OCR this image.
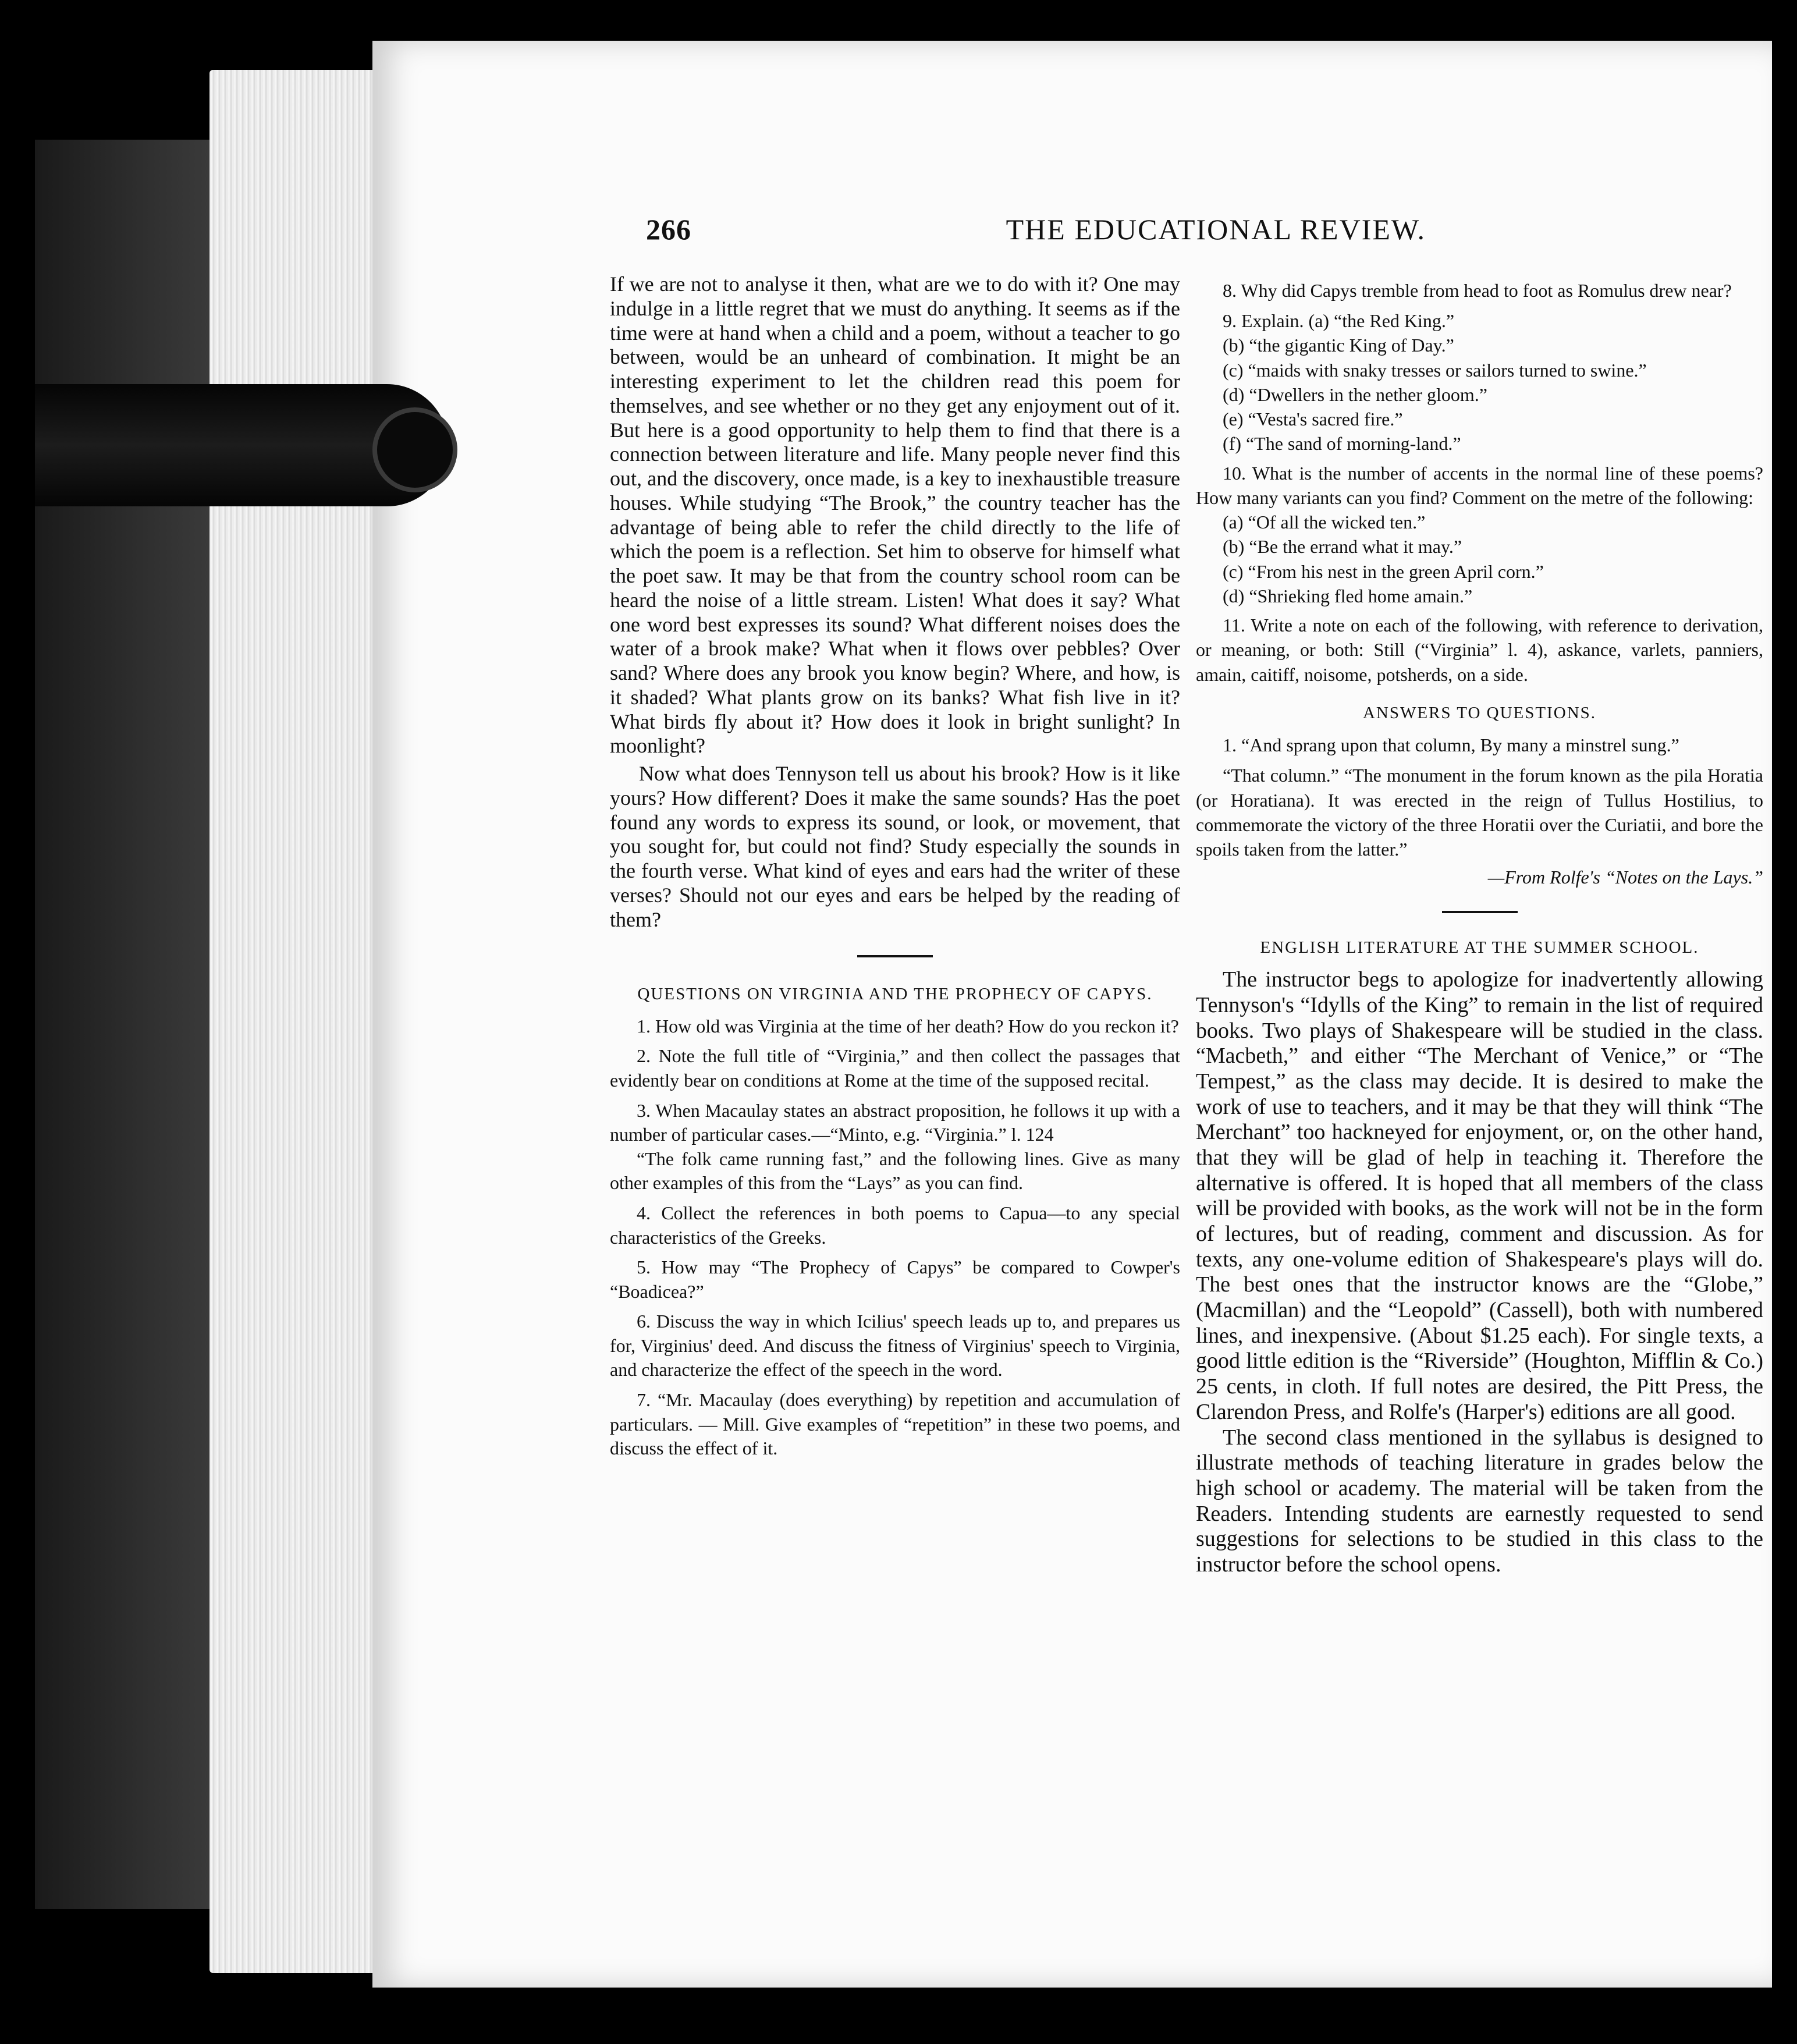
266	THE EDUCATIONAL REVIEW.

If we are not to analyse it then, what are we to do with it? One may indulge in a little regret that we must do anything. It seems as if the time were at hand when a child and a poem, without a teacher to go between, would be an unheard of combination. It might be an interesting experiment to let the children read this poem for themselves, and see whether or no they get any enjoyment out of it. But here is a good opportunity to help them to find that there is a connection between literature and life. Many people never find this out, and the discovery, once made, is a key to inexhaustible treasure houses. While studying “The Brook,” the country teacher has the advantage of being able to refer the child directly to the life of which the poem is a reflection. Set him to observe for himself what the poet saw. It may be that from the country school room can be heard the noise of a little stream. Listen! What does it say? What one word best expresses its sound? What different noises does the water of a brook make? What when it flows over pebbles? Over sand? Where does any brook you know begin? Where, and how, is it shaded? What plants grow on its banks? What fish live in it? What birds fly about it? How does it look in bright sunlight? In moonlight?

Now what does Tennyson tell us about his brook? How is it like yours? How different? Does it make the same sounds? Has the poet found any words to express its sound, or look, or movement, that you sought for, but could not find? Study especially the sounds in the fourth verse. What kind of eyes and ears had the writer of these verses? Should not our eyes and ears be helped by the reading of them?

QUESTIONS ON VIRGINIA AND THE PROPHECY OF CAPYS.

1. How old was Virginia at the time of her death? How do you reckon it?

2. Note the full title of “Virginia,” and then collect the passages that evidently bear on conditions at Rome at the time of the supposed recital.

3. When Macaulay states an abstract proposition, he follows it up with a number of particular cases.—“Minto, e.g. “Virginia.” l. 124

“The folk came running fast,” and the following lines. Give as many other examples of this from the “Lays” as you can find.

4. Collect the references in both poems to Capua—to any special characteristics of the Greeks.

5. How may “The Prophecy of Capys” be compared to Cowper's “Boadicea?”

6. Discuss the way in which Icilius' speech leads up to, and prepares us for, Virginius' deed. And discuss the fitness of Virginius' speech to Virginia, and characterize the effect of the speech in the word.

7. “Mr. Macaulay (does everything) by repetition and accumulation of particulars. — Mill. Give examples of “repetition” in these two poems, and discuss the effect of it.

8. Why did Capys tremble from head to foot as Romulus drew near?

9. Explain. (a) “the Red King.”

(b) “the gigantic King of Day.”

(c) “maids with snaky tresses or sailors turned to swine.”

(d) “Dwellers in the nether gloom.”

(e) “Vesta's sacred fire.”

(f) “The sand of morning-land.”

10. What is the number of accents in the normal line of these poems? How many variants can you find? Comment on the metre of the following:

(a) “Of all the wicked ten.”

(b) “Be the errand what it may.”

(c) “From his nest in the green April corn.”

(d) “Shrieking fled home amain.”

11. Write a note on each of the following, with reference to derivation, or meaning, or both: Still (“Virginia” l. 4), askance, varlets, panniers, amain, caitiff, noisome, potsherds, on a side.

ANSWERS TO QUESTIONS.

1. “And sprang upon that column, By many a minstrel sung.”

“That column.” “The monument in the forum known as the pila Horatia (or Horatiana). It was erected in the reign of Tullus Hostilius, to commemorate the victory of the three Horatii over the Curiatii, and bore the spoils taken from the latter.”

—From Rolfe's “Notes on the Lays.”

ENGLISH LITERATURE AT THE SUMMER SCHOOL.

The instructor begs to apologize for inadvertently allowing Tennyson's “Idylls of the King” to remain in the list of required books. Two plays of Shakespeare will be studied in the class. “Macbeth,” and either “The Merchant of Venice,” or “The Tempest,” as the class may decide. It is desired to make the work of use to teachers, and it may be that they will think “The Merchant” too hackneyed for enjoyment, or, on the other hand, that they will be glad of help in teaching it. Therefore the alternative is offered. It is hoped that all members of the class will be provided with books, as the work will not be in the form of lectures, but of reading, comment and discussion. As for texts, any one-volume edition of Shakespeare's plays will do. The best ones that the instructor knows are the “Globe,” (Macmillan) and the “Leopold” (Cassell), both with numbered lines, and inexpensive. (About $1.25 each). For single texts, a good little edition is the “Riverside” (Houghton, Mifflin & Co.) 25 cents, in cloth. If full notes are desired, the Pitt Press, the Clarendon Press, and Rolfe's (Harper's) editions are all good.

The second class mentioned in the syllabus is designed to illustrate methods of teaching literature in grades below the high school or academy. The material will be taken from the Readers. Intending students are earnestly requested to send suggestions for selections to be studied in this class to the instructor before the school opens.
